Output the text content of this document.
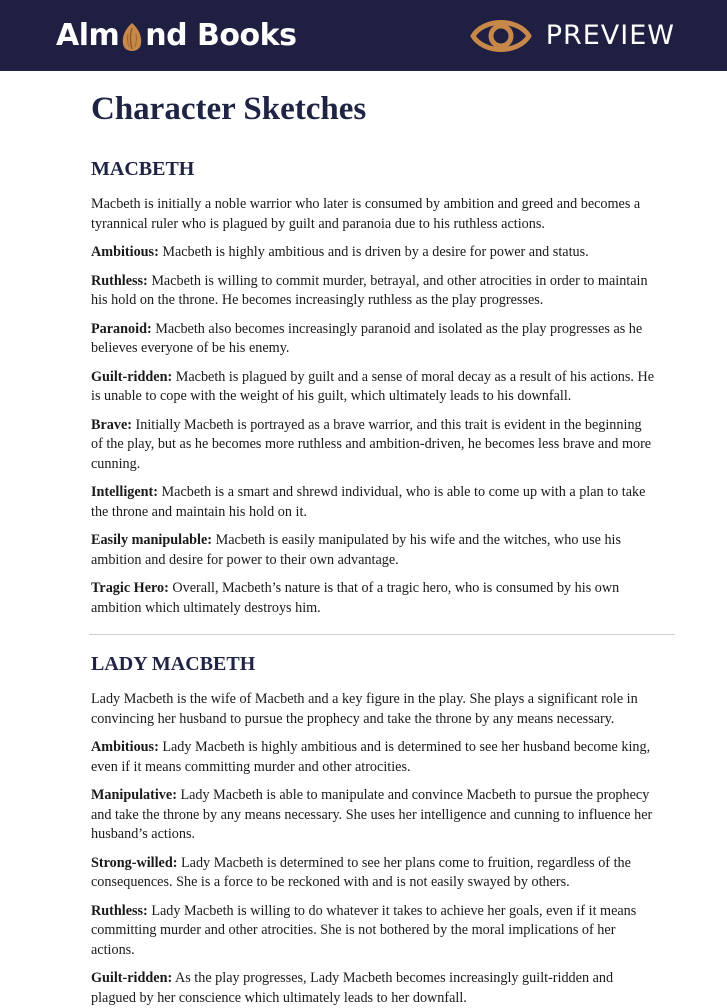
Alm nd Books	PREVIEW
Character Sketches
MACBETH

Macbeth is initially a noble warrior who later is consumed by ambition and greed and becomes a tyrannical ruler who is plagued by guilt and paranoia due to his ruthless actions.

Ambitious: Macbeth is highly ambitious and is driven by a desire for power and status.

Ruthless: Macbeth is willing to commit murder, betrayal, and other atrocities in order to maintain his hold on the throne. He becomes increasingly ruthless as the play progresses.

Paranoid: Macbeth also becomes increasingly paranoid and isolated as the play progresses as he believes everyone of be his enemy.

Guilt-ridden: Macbeth is plagued by guilt and a sense of moral decay as a result of his actions. He is unable to cope with the weight of his guilt, which ultimately leads to his downfall.

Brave: Initially Macbeth is portrayed as a brave warrior, and this trait is evident in the beginning of the play, but as he becomes more ruthless and ambition-driven, he becomes less brave and more cunning.

Intelligent: Macbeth is a smart and shrewd individual, who is able to come up with a plan to take the throne and maintain his hold on it.

Easily manipulable: Macbeth is easily manipulated by his wife and the witches, who use his ambition and desire for power to their own advantage.

Tragic Hero: Overall, Macbeth’s nature is that of a tragic hero, who is consumed by his own ambition which ultimately destroys him.

LADY MACBETH

Lady Macbeth is the wife of Macbeth and a key figure in the play. She plays a significant role in convincing her husband to pursue the prophecy and take the throne by any means necessary.

Ambitious: Lady Macbeth is highly ambitious and is determined to see her husband become king, even if it means committing murder and other atrocities.

Manipulative: Lady Macbeth is able to manipulate and convince Macbeth to pursue the prophecy and take the throne by any means necessary. She uses her intelligence and cunning to influence her husband’s actions.

Strong-willed: Lady Macbeth is determined to see her plans come to fruition, regardless of the consequences. She is a force to be reckoned with and is not easily swayed by others.

Ruthless: Lady Macbeth is willing to do whatever it takes to achieve her goals, even if it means committing murder and other atrocities. She is not bothered by the moral implications of her actions.

Guilt-ridden: As the play progresses, Lady Macbeth becomes increasingly guilt-ridden and plagued by her conscience which ultimately leads to her downfall.
